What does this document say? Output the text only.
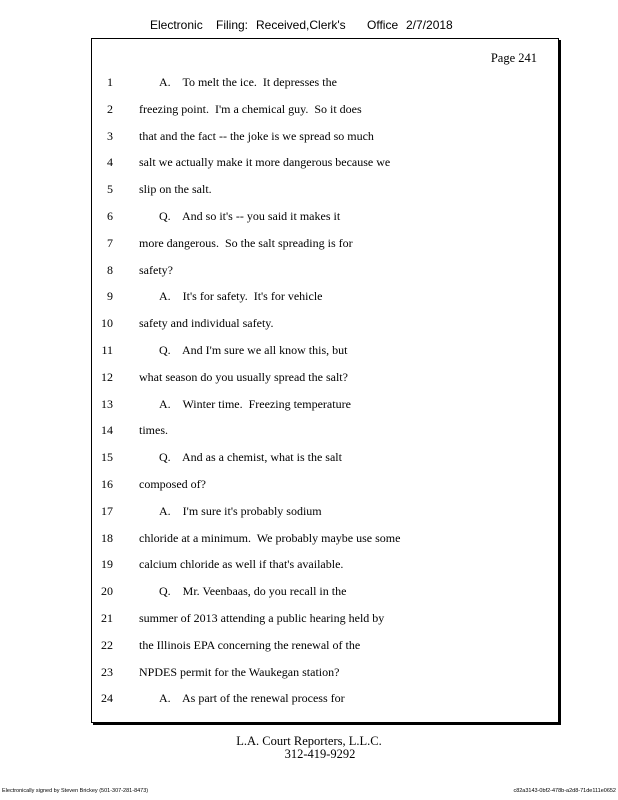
Electronic Filing: Received,Clerk's Office 2/7/2018
Page 241
1	A.    To melt the ice.  It depresses the
2 freezing point.  I'm a chemical guy.  So it does
3 that and the fact -- the joke is we spread so much
4 salt we actually make it more dangerous because we
5 slip on the salt.
6	Q.    And so it's -- you said it makes it
7 more dangerous.  So the salt spreading is for
8 safety?
9	A.    It's for safety.  It's for vehicle
10 safety and individual safety.
11	Q.    And I'm sure we all know this, but
12 what season do you usually spread the salt?
13	A.    Winter time.  Freezing temperature
14 times.
15	Q.    And as a chemist, what is the salt
16 composed of?
17	A.    I'm sure it's probably sodium
18 chloride at a minimum.  We probably maybe use some
19 calcium chloride as well if that's available.
20	Q.    Mr. Veenbaas, do you recall in the
21 summer of 2013 attending a public hearing held by
22 the Illinois EPA concerning the renewal of the
23 NPDES permit for the Waukegan station?
24	A.    As part of the renewal process for
L.A. Court Reporters, L.L.C.
312-419-9292
Electronically signed by Steven Brickey (501-307-281-8473)	c82a3143-0bf2-478b-a2d8-71de111e0652
